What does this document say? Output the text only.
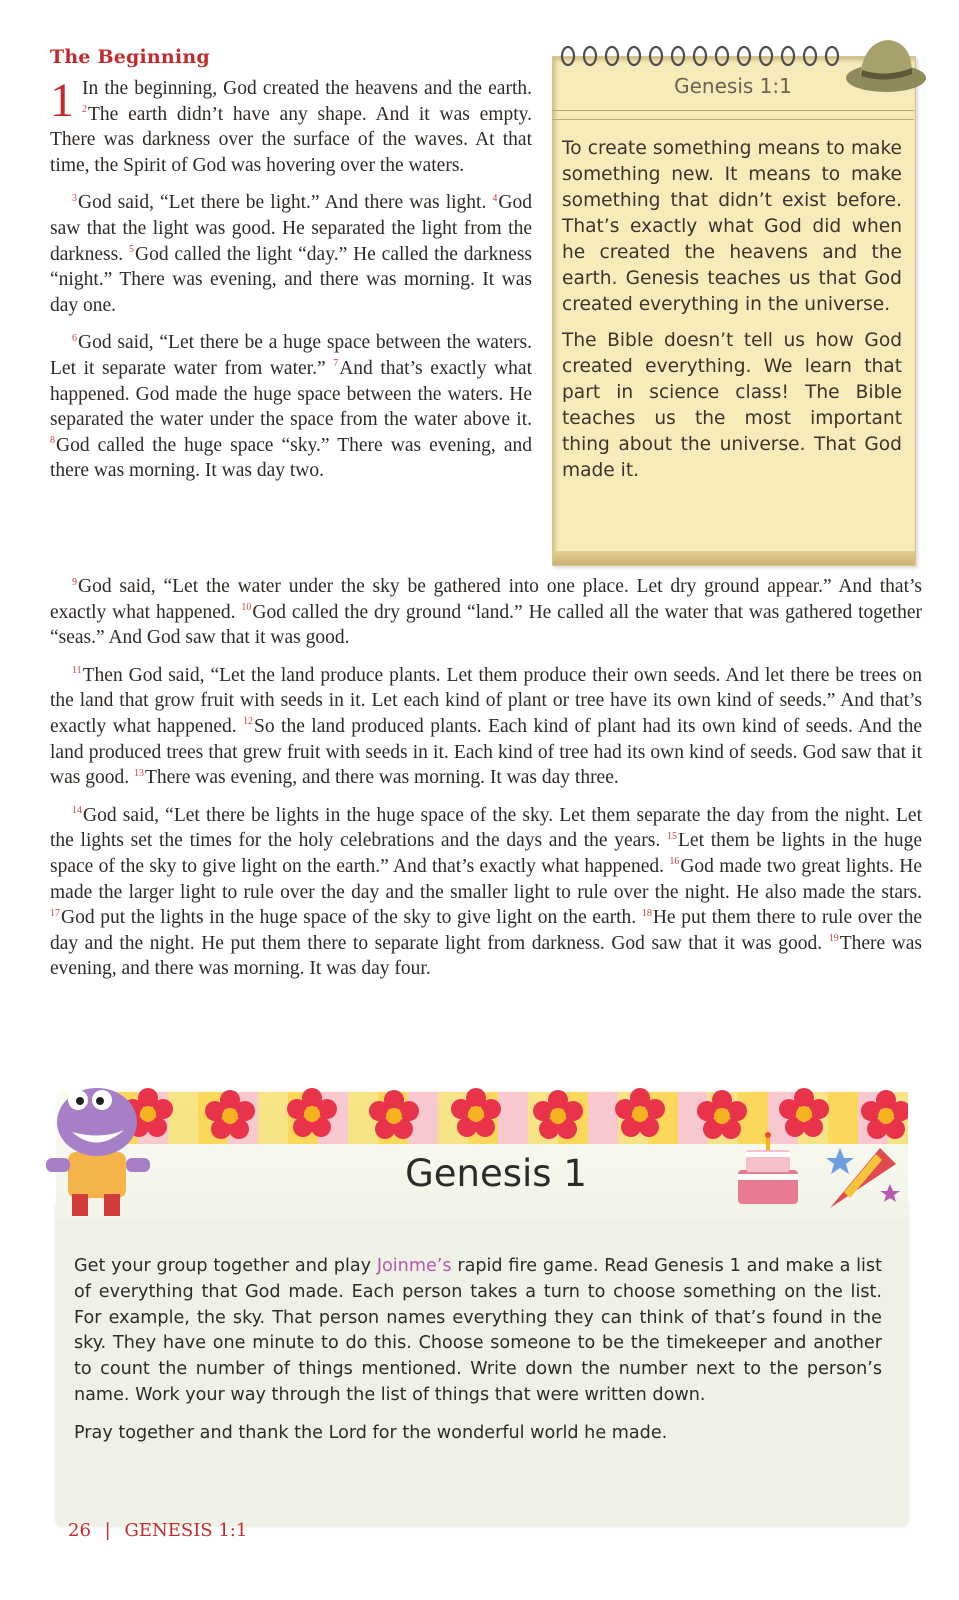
The Beginning

1 In the beginning, God created the heavens and the earth. $^2$The earth didn’t have any shape. And it was empty. There was darkness over the surface of the waves. At that time, the Spirit of God was hovering over the waters.

$^3$God said, “Let there be light.” And there was light. $^4$God saw that the light was good. He separated the light from the darkness. $^5$God called the light “day.” He called the darkness “night.” There was evening, and there was morning. It was day one.

$^6$God said, “Let there be a huge space between the waters. Let it separate water from water.” $^7$And that’s exactly what happened. God made the huge space between the waters. He separated the water under the space from the water above it. $^8$God called the huge space “sky.” There was evening, and there was morning. It was day two.

Genesis 1:1

To create something means to make something new. It means to make something that didn’t exist before. That’s exactly what God did when he created the heavens and the earth. Genesis teaches us that God created everything in the universe.

The Bible doesn’t tell us how God created everything. We learn that part in science class! The Bible teaches us the most important thing about the universe. That God made it.

$^9$God said, “Let the water under the sky be gathered into one place. Let dry ground appear.” And that’s exactly what happened. $^{10}$God called the dry ground “land.” He called all the water that was gathered together “seas.” And God saw that it was good.

$^{11}$Then God said, “Let the land produce plants. Let them produce their own seeds. And let there be trees on the land that grow fruit with seeds in it. Let each kind of plant or tree have its own kind of seeds.” And that’s exactly what happened. $^{12}$So the land produced plants. Each kind of plant had its own kind of seeds. And the land produced trees that grew fruit with seeds in it. Each kind of tree had its own kind of seeds. God saw that it was good. $^{13}$There was evening, and there was morning. It was day three.

$^{14}$God said, “Let there be lights in the huge space of the sky. Let them separate the day from the night. Let the lights set the times for the holy celebrations and the days and the years. $^{15}$Let them be lights in the huge space of the sky to give light on the earth.” And that’s exactly what happened. $^{16}$God made two great lights. He made the larger light to rule over the day and the smaller light to rule over the night. He also made the stars. $^{17}$God put the lights in the huge space of the sky to give light on the earth. $^{18}$He put them there to rule over the day and the night. He put them there to separate light from darkness. God saw that it was good. $^{19}$There was evening, and there was morning. It was day four.

Genesis 1

Get your group together and play Joinme’s rapid fire game. Read Genesis 1 and make a list of everything that God made. Each person takes a turn to choose something on the list. For example, the sky. That person names everything they can think of that’s found in the sky. They have one minute to do this. Choose someone to be the timekeeper and another to count the number of things mentioned. Write down the number next to the person’s name. Work your way through the list of things that were written down.

Pray together and thank the Lord for the wonderful world he made.

26 | GENESIS 1:1
